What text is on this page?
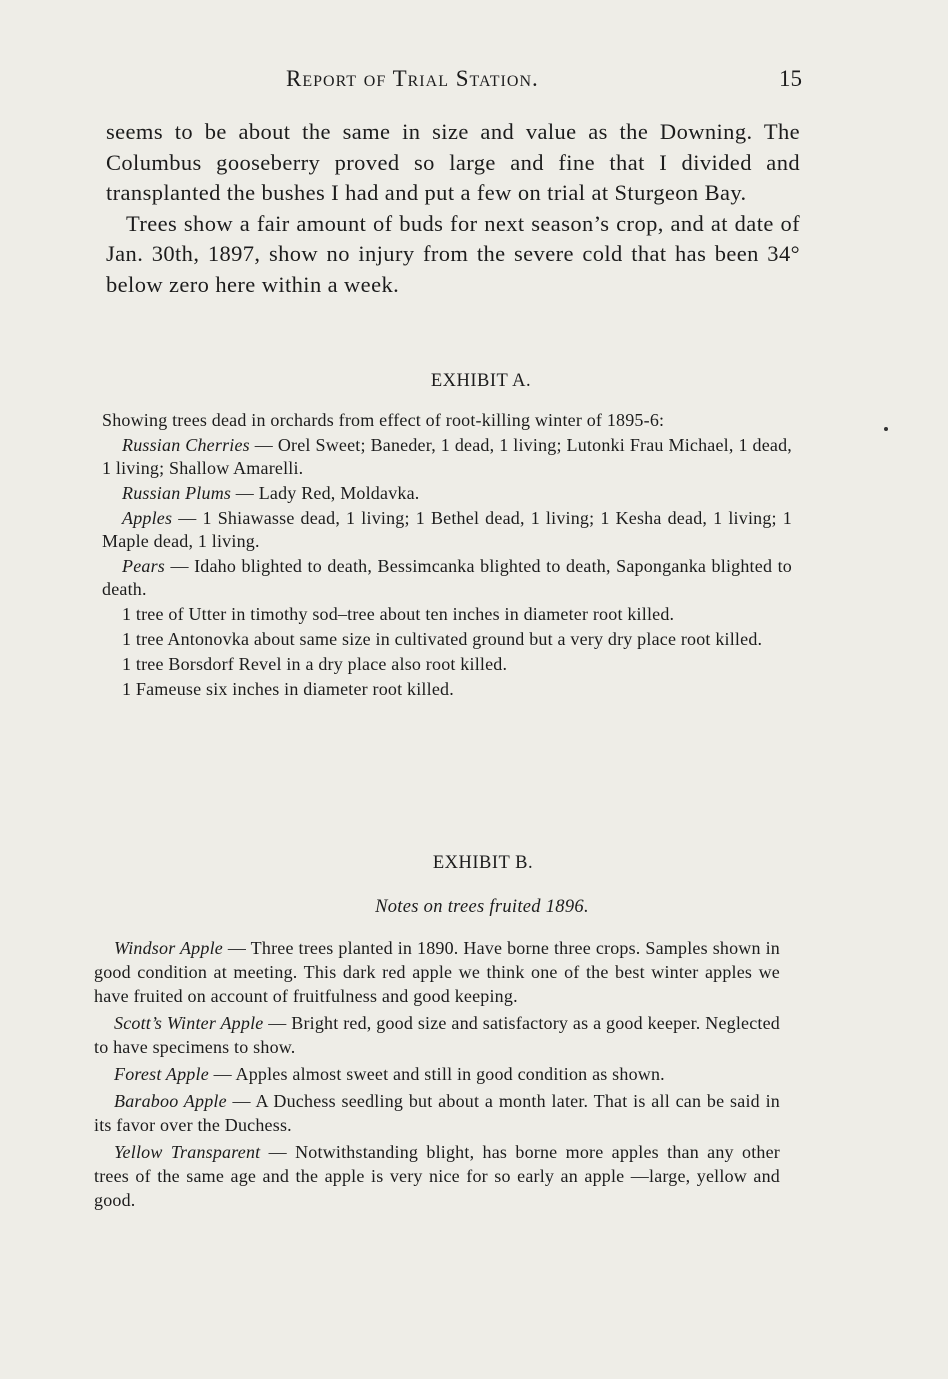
Report of Trial Station.	15

seems to be about the same in size and value as the Downing. The Columbus gooseberry proved so large and fine that I divided and transplanted the bushes I had and put a few on trial at Sturgeon Bay.

Trees show a fair amount of buds for next season’s crop, and at date of Jan. 30th, 1897, show no injury from the severe cold that has been 34° below zero here within a week.

EXHIBIT A.

Showing trees dead in orchards from effect of root-killing winter of 1895-6:

Russian Cherries — Orel Sweet; Baneder, 1 dead, 1 living; Lutonki Frau Michael, 1 dead, 1 living; Shallow Amarelli.

Russian Plums — Lady Red, Moldavka.

Apples — 1 Shiawasse dead, 1 living; 1 Bethel dead, 1 living; 1 Kesha dead, 1 living; 1 Maple dead, 1 living.

Pears — Idaho blighted to death, Bessimcanka blighted to death, Saponganka blighted to death.

1 tree of Utter in timothy sod–tree about ten inches in diameter root killed.

1 tree Antonovka about same size in cultivated ground but a very dry place root killed.

1 tree Borsdorf Revel in a dry place also root killed.

1 Fameuse six inches in diameter root killed.

EXHIBIT B.
Notes on trees fruited 1896.

Windsor Apple — Three trees planted in 1890. Have borne three crops. Samples shown in good condition at meeting. This dark red apple we think one of the best winter apples we have fruited on account of fruitfulness and good keeping.

Scott’s Winter Apple — Bright red, good size and satisfactory as a good keeper. Neglected to have specimens to show.

Forest Apple — Apples almost sweet and still in good condition as shown.

Baraboo Apple — A Duchess seedling but about a month later. That is all can be said in its favor over the Duchess.

Yellow Transparent — Notwithstanding blight, has borne more apples than any other trees of the same age and the apple is very nice for so early an apple —large, yellow and good.
